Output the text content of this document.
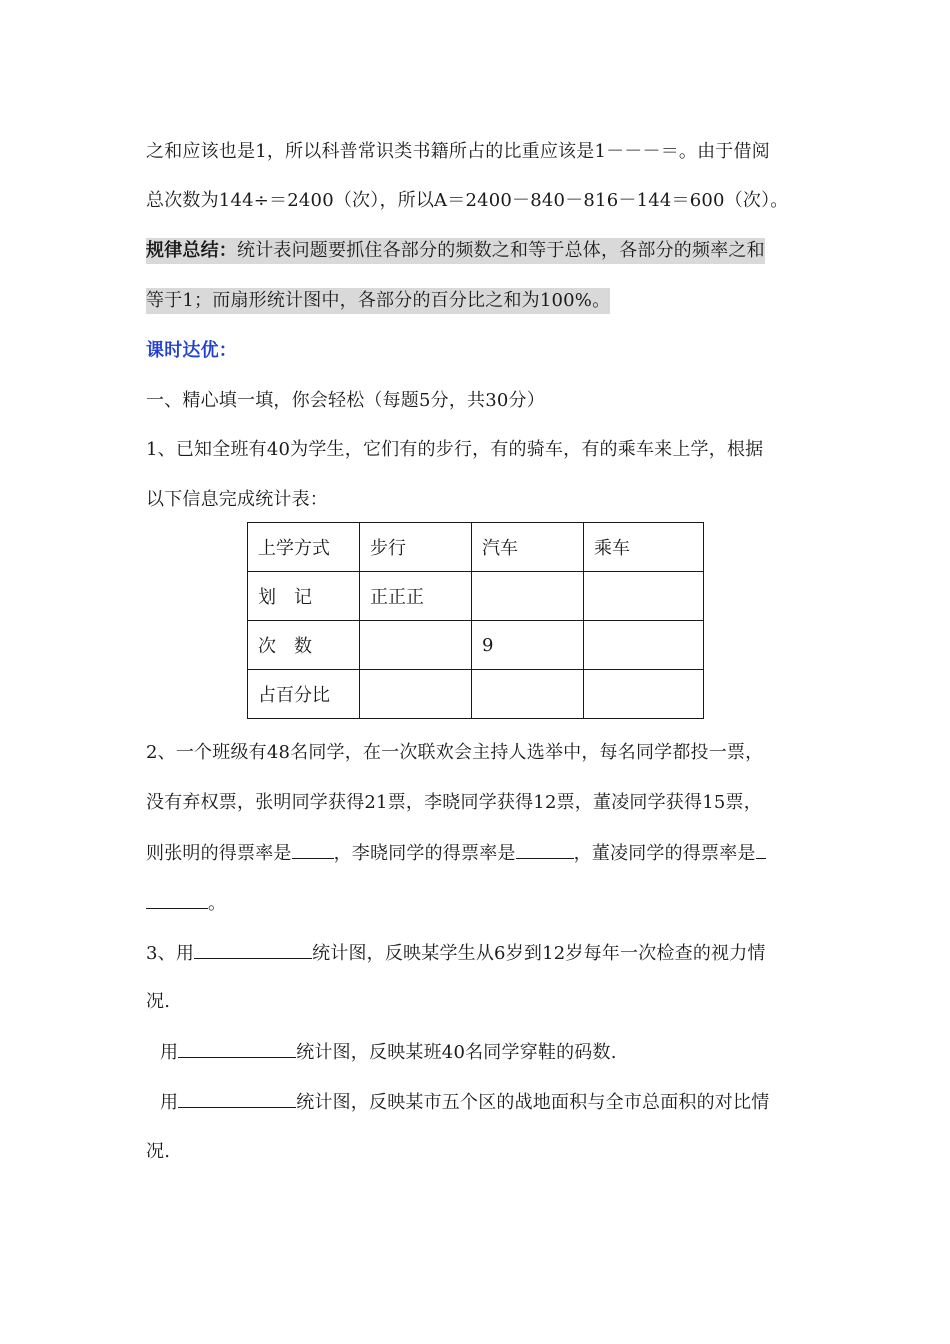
之和应该也是1，所以科普常识类书籍所占的比重应该是1－－－＝。由于借阅
总次数为144÷＝2400（次），所以A＝2400－840－816－144＝600（次）。
规律总结：统计表问题要抓住各部分的频数之和等于总体，各部分的频率之和
等于1；而扇形统计图中，各部分的百分比之和为100%。
课时达优：
一、精心填一填，你会轻松（每题5分，共30分）
1、已知全班有40为学生，它们有的步行，有的骑车，有的乘车来上学，根据
以下信息完成统计表：
上学方式	步行	汽车	乘车
划　记	正正正		
次　数		9	
占百分比			
2、一个班级有48名同学，在一次联欢会主持人选举中，每名同学都投一票，
没有弃权票，张明同学获得21票，李晓同学获得12票，董凌同学获得15票，
则张明的得票率是 ，李晓同学的得票率是	，董凌同学的得票率是
。
3、用	统计图，反映某学生从6岁到12岁每年一次检查的视力情
况.
用	统计图，反映某班40名同学穿鞋的码数.
用	统计图，反映某市五个区的战地面积与全市总面积的对比情
况.
